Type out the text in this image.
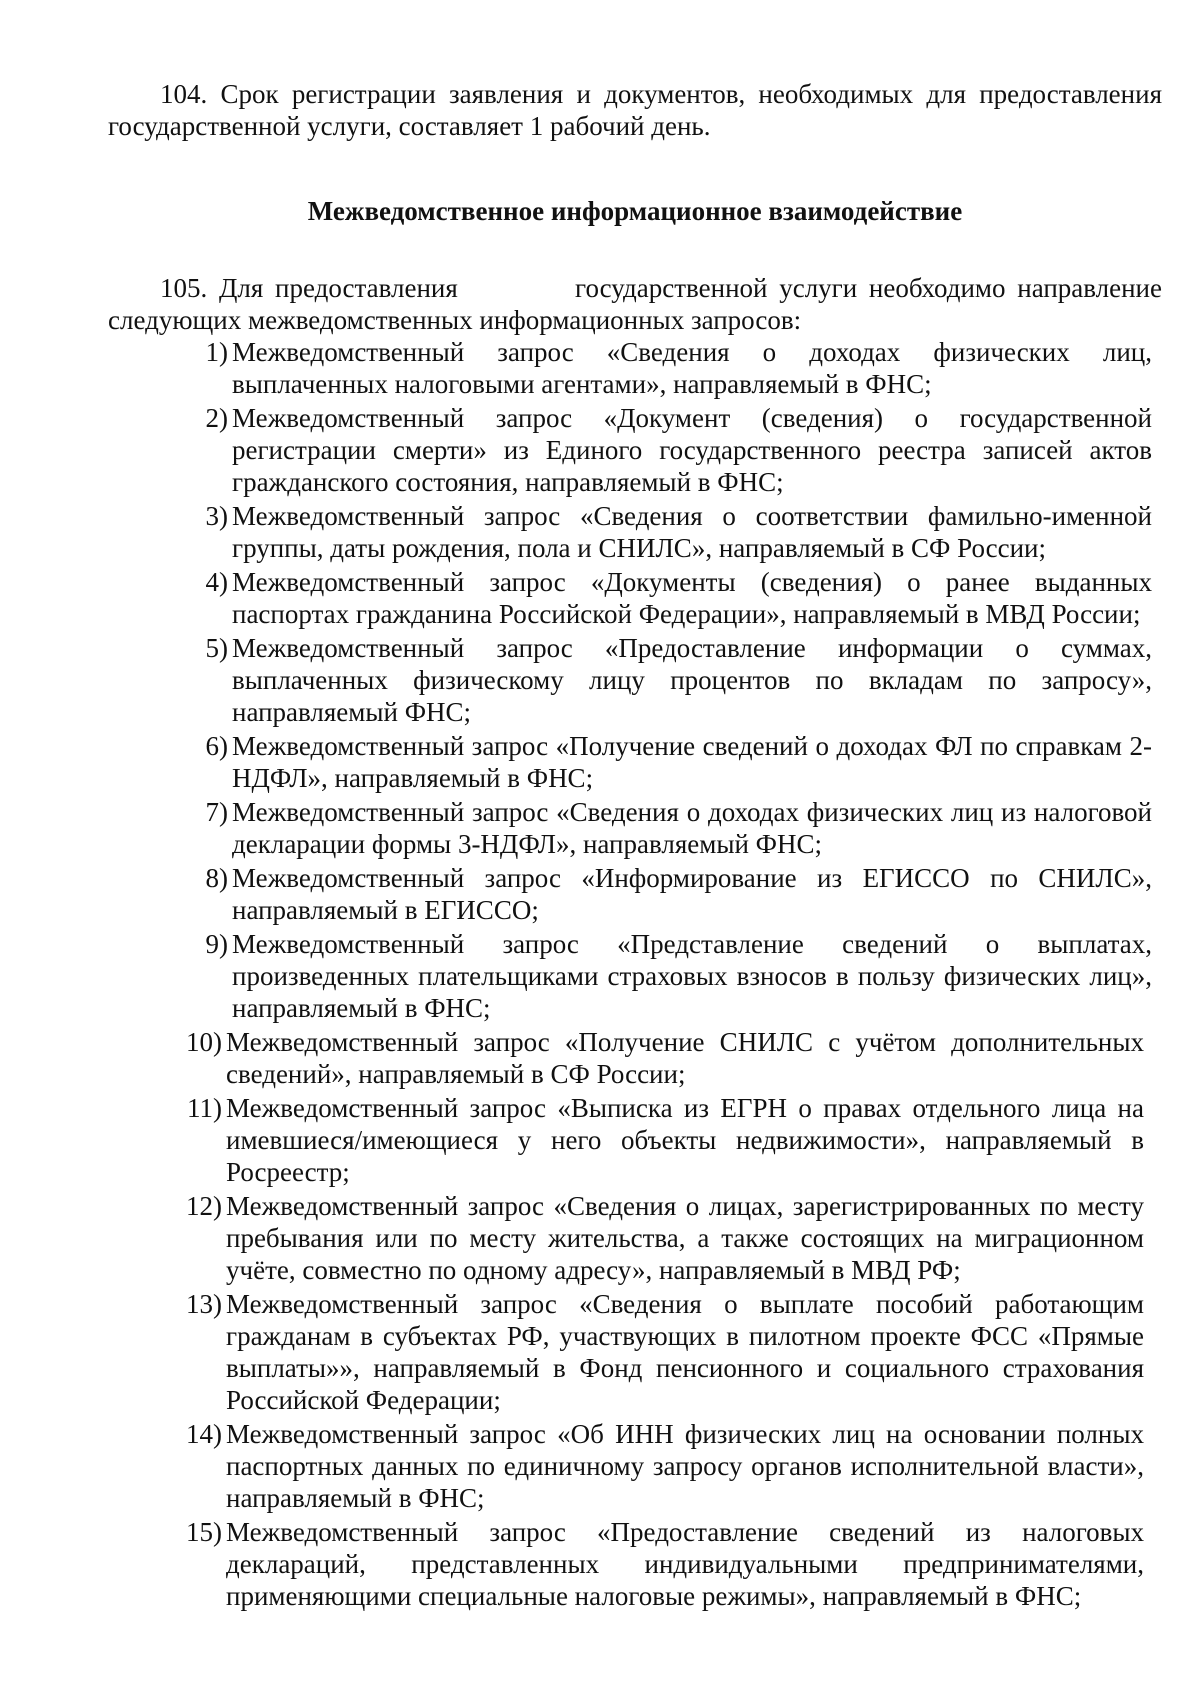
104. Срок регистрации заявления и документов, необходимых для предоставления государственной услуги, составляет 1 рабочий день.

Межведомственное информационное взаимодействие

105. Для предоставления          государственной услуги необходимо направление следующих межведомственных информационных запросов:

1) Межведомственный запрос «Сведения о доходах физических лиц, выплаченных налоговыми агентами», направляемый в ФНС;
2) Межведомственный запрос «Документ (сведения) о государственной регистрации смерти» из Единого государственного реестра записей актов гражданского состояния, направляемый в ФНС;
3) Межведомственный запрос «Сведения о соответствии фамильно-именной группы, даты рождения, пола и СНИЛС», направляемый в СФ России;
4) Межведомственный запрос «Документы (сведения) о ранее выданных паспортах гражданина Российской Федерации», направляемый в МВД России;
5) Межведомственный запрос «Предоставление информации о суммах, выплаченных физическому лицу процентов по вкладам по запросу», направляемый ФНС;
6) Межведомственный запрос «Получение сведений о доходах ФЛ по справкам 2-НДФЛ», направляемый в ФНС;
7) Межведомственный запрос «Сведения о доходах физических лиц из налоговой декларации формы 3-НДФЛ», направляемый ФНС;
8) Межведомственный запрос «Информирование из ЕГИССО по СНИЛС», направляемый в ЕГИССО;
9) Межведомственный запрос «Представление сведений о выплатах, произведенных плательщиками страховых взносов в пользу физических лиц», направляемый в ФНС;
10) Межведомственный запрос «Получение СНИЛС с учётом дополнительных сведений», направляемый в СФ России;
11) Межведомственный запрос «Выписка из ЕГРН о правах отдельного лица на имевшиеся/имеющиеся у него объекты недвижимости», направляемый в Росреестр;
12) Межведомственный запрос «Сведения о лицах, зарегистрированных по месту пребывания или по месту жительства, а также состоящих на миграционном учёте, совместно по одному адресу», направляемый в МВД РФ;
13) Межведомственный запрос «Сведения о выплате пособий работающим гражданам в субъектах РФ, участвующих в пилотном проекте ФСС «Прямые выплаты»», направляемый в Фонд пенсионного и социального страхования Российской Федерации;
14) Межведомственный запрос «Об ИНН физических лиц на основании полных паспортных данных по единичному запросу органов исполнительной власти», направляемый в ФНС;
15) Межведомственный запрос «Предоставление сведений из налоговых деклараций, представленных индивидуальными предпринимателями, применяющими специальные налоговые режимы», направляемый в ФНС;
